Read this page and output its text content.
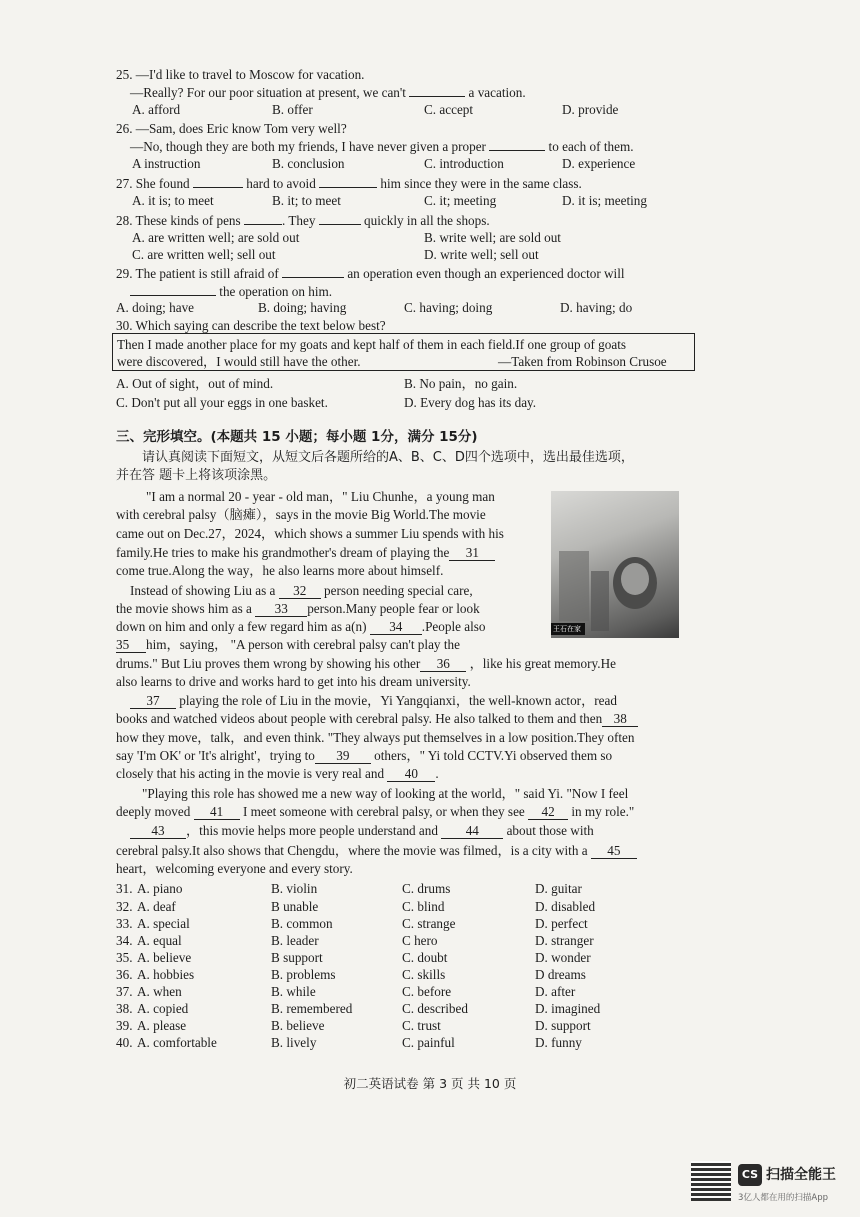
25. —I'd like to travel to Moscow for vacation.
—Really? For our poor situation at present, we can't	a vacation.
A. afford	B. offer	C. accept	D. provide
26. —Sam, does Eric know Tom very well?
—No, though they are both my friends, I have never given a proper	to each of them.
A instruction	B. conclusion	C. introduction	D. experience
27. She found	hard to avoid	him since they were in the same class.
A. it is; to meet	B. it; to meet	C. it; meeting	D. it is; meeting
28. These kinds of pens	. They	quickly in all the shops.
A. are written well; are sold out	B. write well; are sold out
C. are written well; sell out	D. write well; sell out
29. The patient is still afraid of	an operation even though an experienced doctor will
the operation on him.
A. doing; have	B. doing; having	C. having; doing	D. having; do
30. Which saying can describe the text below best?
Then I made another place for my goats and kept half of them in each field.If one group of goats
were discovered，I would still have the other.	—Taken from Robinson Crusoe
A. Out of sight，out of mind.	B. No pain，no gain.
C. Don't put all your eggs in one basket.	D. Every dog has its day.
三、完形填空。(本题共 15 小题；每小题 1分，满分 15分)
请认真阅读下面短文，从短文后各题所给的A、B、C、D四个选项中，选出最佳选项，
并在答 题卡上将该项涂黑。
王石在家
"I am a normal 20 - year - old man，" Liu Chunhe，a young man
with cerebral palsy（脑瘫），says in the movie Big World.The movie
came out on Dec.27，2024，which shows a summer Liu spends with his
family.He tries to make his grandmother's dream of playing the 31
come true.Along the way，he also learns more about himself.
Instead of showing Liu as a 32 person needing special care,
the movie shows him as a 33 person.Many people fear or look
down on him and only a few regard him as a(n) 34 .People also
35 him，saying， "A person with cerebral palsy can't play the
drums." But Liu proves them wrong by showing his other 36 ，like his great memory.He
also learns to drive and works hard to get into his dream university.
37 playing the role of Liu in the movie，Yi Yangqianxi，the well-known actor，read
books and watched videos about people with cerebral palsy. He also talked to them and then 38
how they move，talk，and even think. "They always put themselves in a low position.They often
say 'I'm OK' or 'It's alright'，trying to 39 others，" Yi told CCTV.Yi observed them so
closely that his acting in the movie is very real and 40 .
"Playing this role has showed me a new way of looking at the world，" said Yi. "Now I feel
deeply moved 41 I meet someone with cerebral palsy, or when they see 42 in my role."
43 ，this movie helps more people understand and 44 about those with
cerebral palsy.It also shows that Chengdu，where the movie was filmed，is a city with a 45
heart，welcoming everyone and every story.
31. A. piano	B. violin	C. drums	D. guitar
32. A. deaf	B unable	C. blind	D. disabled
33. A. special	B. common	C. strange	D. perfect
34. A. equal	B. leader	C hero	D. stranger
35. A. believe	B support	C. doubt	D. wonder
36. A. hobbies	B. problems	C. skills	D dreams
37. A. when	B. while	C. before	D. after
38. A. copied	B. remembered	C. described	D. imagined
39. A. please	B. believe	C. trust	D. support
40. A. comfortable	B. lively	C. painful	D. funny
初二英语试卷 第 3 页 共 10 页
CS 扫描全能王
3亿人都在用的扫描App
